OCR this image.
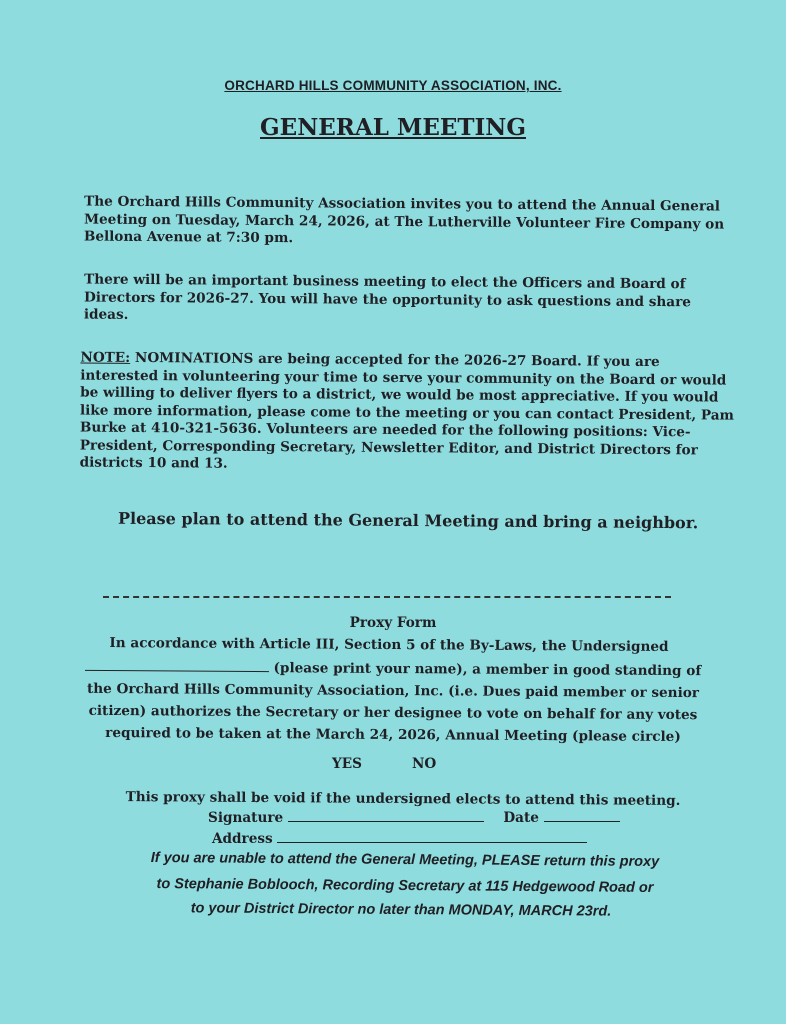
ORCHARD HILLS COMMUNITY ASSOCIATION, INC.
GENERAL MEETING
The Orchard Hills Community Association invites you to attend the Annual General
Meeting on Tuesday, March 24, 2026, at The Lutherville Volunteer Fire Company on
Bellona Avenue at 7:30 pm.
There will be an important business meeting to elect the Officers and Board of
Directors for 2026-27. You will have the opportunity to ask questions and share
ideas.
NOTE: NOMINATIONS are being accepted for the 2026-27 Board. If you are
interested in volunteering your time to serve your community on the Board or would
be willing to deliver flyers to a district, we would be most appreciative. If you would
like more information, please come to the meeting or you can contact President, Pam
Burke at 410-321-5636. Volunteers are needed for the following positions: Vice-
President, Corresponding Secretary, Newsletter Editor, and District Directors for
districts 10 and 13.
Please plan to attend the General Meeting and bring a neighbor.
Proxy Form
In accordance with Article III, Section 5 of the By-Laws, the Undersigned
(please print your name), a member in good standing of
the Orchard Hills Community Association, Inc. (i.e. Dues paid member or senior
citizen) authorizes the Secretary or her designee to vote on behalf for any votes
required to be taken at the March 24, 2026, Annual Meeting (please circle)
YES	NO
This proxy shall be void if the undersigned elects to attend this meeting.
Signature	Date
Address
If you are unable to attend the General Meeting, PLEASE return this proxy
to Stephanie Boblooch, Recording Secretary at 115 Hedgewood Road or
to your District Director no later than MONDAY, MARCH 23rd.
